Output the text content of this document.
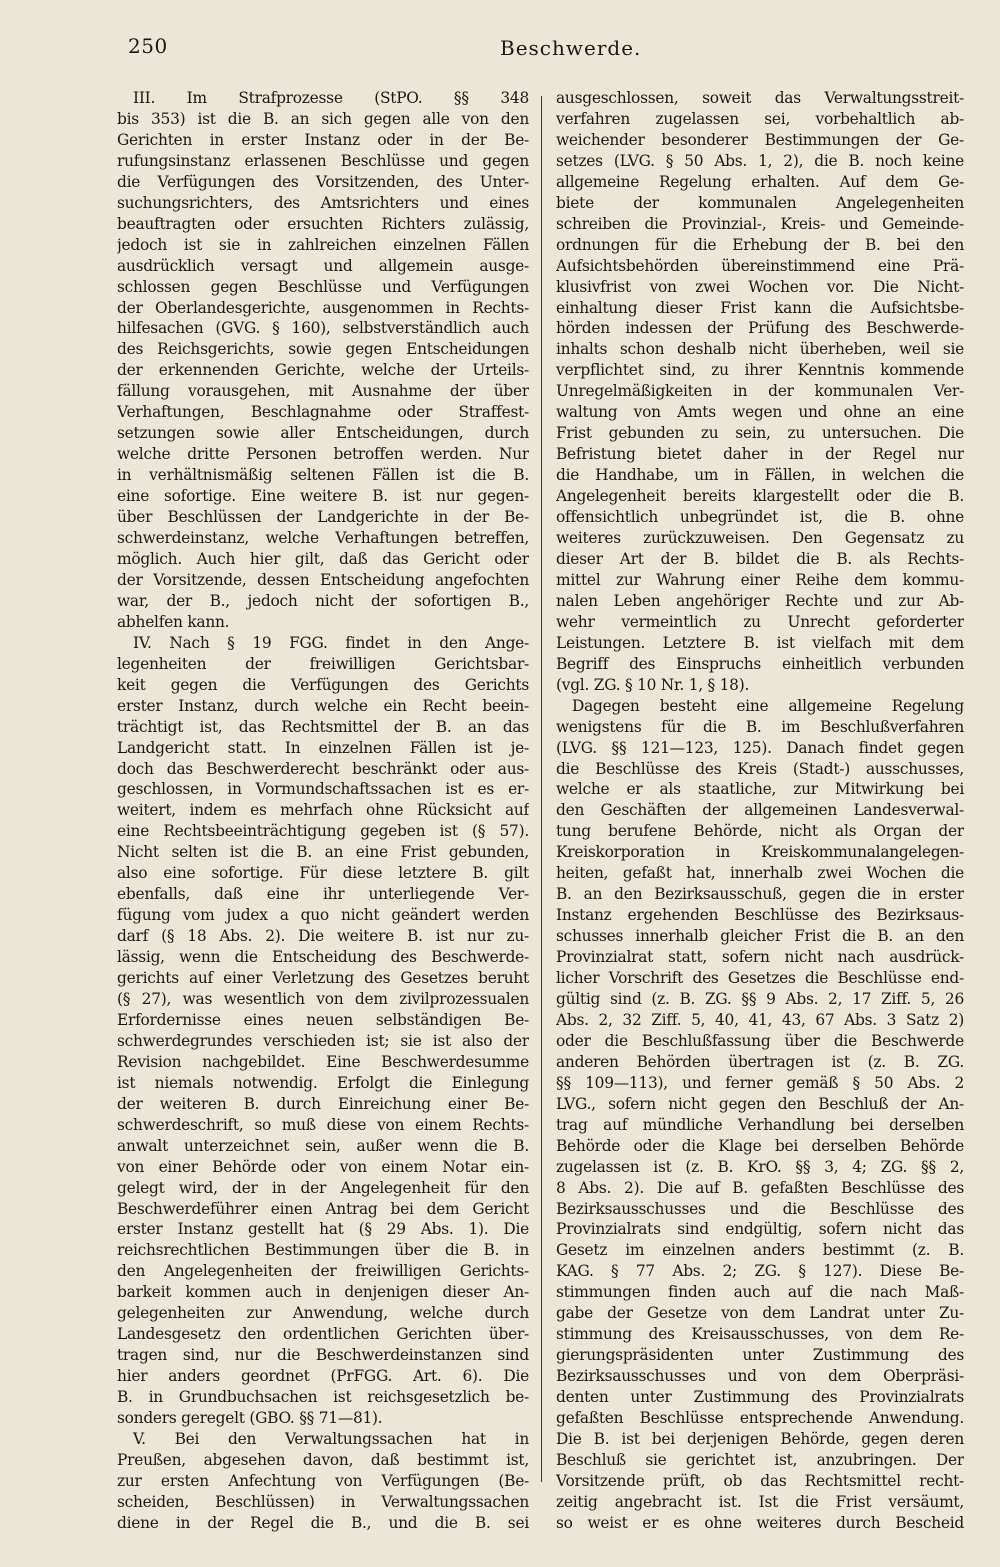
250	Beschwerde.
III. Im Strafprozesse (StPO. §§ 348
bis 353) ist die B. an sich gegen alle von den
Gerichten in erster Instanz oder in der Be-
rufungsinstanz erlassenen Beschlüsse und gegen
die Verfügungen des Vorsitzenden, des Unter-
suchungsrichters, des Amtsrichters und eines
beauftragten oder ersuchten Richters zulässig,
jedoch ist sie in zahlreichen einzelnen Fällen
ausdrücklich versagt und allgemein ausge-
schlossen gegen Beschlüsse und Verfügungen
der Oberlandesgerichte, ausgenommen in Rechts-
hilfesachen (GVG. § 160), selbstverständlich auch
des Reichsgerichts, sowie gegen Entscheidungen
der erkennenden Gerichte, welche der Urteils-
fällung vorausgehen, mit Ausnahme der über
Verhaftungen, Beschlagnahme oder Straffest-
setzungen sowie aller Entscheidungen, durch
welche dritte Personen betroffen werden. Nur
in verhältnismäßig seltenen Fällen ist die B.
eine sofortige. Eine weitere B. ist nur gegen-
über Beschlüssen der Landgerichte in der Be-
schwerdeinstanz, welche Verhaftungen betreffen,
möglich. Auch hier gilt, daß das Gericht oder
der Vorsitzende, dessen Entscheidung angefochten
war, der B., jedoch nicht der sofortigen B.,
abhelfen kann.
IV. Nach § 19 FGG. findet in den Ange-
legenheiten der freiwilligen Gerichtsbar-
keit gegen die Verfügungen des Gerichts
erster Instanz, durch welche ein Recht beein-
trächtigt ist, das Rechtsmittel der B. an das
Landgericht statt. In einzelnen Fällen ist je-
doch das Beschwerderecht beschränkt oder aus-
geschlossen, in Vormundschaftssachen ist es er-
weitert, indem es mehrfach ohne Rücksicht auf
eine Rechtsbeeinträchtigung gegeben ist (§ 57).
Nicht selten ist die B. an eine Frist gebunden,
also eine sofortige. Für diese letztere B. gilt
ebenfalls, daß eine ihr unterliegende Ver-
fügung vom judex a quo nicht geändert werden
darf (§ 18 Abs. 2). Die weitere B. ist nur zu-
lässig, wenn die Entscheidung des Beschwerde-
gerichts auf einer Verletzung des Gesetzes beruht
(§ 27), was wesentlich von dem zivilprozessualen
Erfordernisse eines neuen selbständigen Be-
schwerdegrundes verschieden ist; sie ist also der
Revision nachgebildet. Eine Beschwerdesumme
ist niemals notwendig. Erfolgt die Einlegung
der weiteren B. durch Einreichung einer Be-
schwerdeschrift, so muß diese von einem Rechts-
anwalt unterzeichnet sein, außer wenn die B.
von einer Behörde oder von einem Notar ein-
gelegt wird, der in der Angelegenheit für den
Beschwerdeführer einen Antrag bei dem Gericht
erster Instanz gestellt hat (§ 29 Abs. 1). Die
reichsrechtlichen Bestimmungen über die B. in
den Angelegenheiten der freiwilligen Gerichts-
barkeit kommen auch in denjenigen dieser An-
gelegenheiten zur Anwendung, welche durch
Landesgesetz den ordentlichen Gerichten über-
tragen sind, nur die Beschwerdeinstanzen sind
hier anders geordnet (PrFGG. Art. 6). Die
B. in Grundbuchsachen ist reichsgesetzlich be-
sonders geregelt (GBO. §§ 71—81).
V. Bei den Verwaltungssachen hat in
Preußen, abgesehen davon, daß bestimmt ist,
zur ersten Anfechtung von Verfügungen (Be-
scheiden, Beschlüssen) in Verwaltungssachen
diene in der Regel die B., und die B. sei
ausgeschlossen, soweit das Verwaltungsstreit-
verfahren zugelassen sei, vorbehaltlich ab-
weichender besonderer Bestimmungen der Ge-
setzes (LVG. § 50 Abs. 1, 2), die B. noch keine
allgemeine Regelung erhalten. Auf dem Ge-
biete der kommunalen Angelegenheiten
schreiben die Provinzial-, Kreis- und Gemeinde-
ordnungen für die Erhebung der B. bei den
Aufsichtsbehörden übereinstimmend eine Prä-
klusivfrist von zwei Wochen vor. Die Nicht-
einhaltung dieser Frist kann die Aufsichtsbe-
hörden indessen der Prüfung des Beschwerde-
inhalts schon deshalb nicht überheben, weil sie
verpflichtet sind, zu ihrer Kenntnis kommende
Unregelmäßigkeiten in der kommunalen Ver-
waltung von Amts wegen und ohne an eine
Frist gebunden zu sein, zu untersuchen. Die
Befristung bietet daher in der Regel nur
die Handhabe, um in Fällen, in welchen die
Angelegenheit bereits klargestellt oder die B.
offensichtlich unbegründet ist, die B. ohne
weiteres zurückzuweisen. Den Gegensatz zu
dieser Art der B. bildet die B. als Rechts-
mittel zur Wahrung einer Reihe dem kommu-
nalen Leben angehöriger Rechte und zur Ab-
wehr vermeintlich zu Unrecht geforderter
Leistungen. Letztere B. ist vielfach mit dem
Begriff des Einspruchs einheitlich verbunden
(vgl. ZG. § 10 Nr. 1, § 18).
Dagegen besteht eine allgemeine Regelung
wenigstens für die B. im Beschlußverfahren
(LVG. §§ 121—123, 125). Danach findet gegen
die Beschlüsse des Kreis (Stadt-) ausschusses,
welche er als staatliche, zur Mitwirkung bei
den Geschäften der allgemeinen Landesverwal-
tung berufene Behörde, nicht als Organ der
Kreiskorporation in Kreiskommunalangelegen-
heiten, gefaßt hat, innerhalb zwei Wochen die
B. an den Bezirksausschuß, gegen die in erster
Instanz ergehenden Beschlüsse des Bezirksaus-
schusses innerhalb gleicher Frist die B. an den
Provinzialrat statt, sofern nicht nach ausdrück-
licher Vorschrift des Gesetzes die Beschlüsse end-
gültig sind (z. B. ZG. §§ 9 Abs. 2, 17 Ziff. 5, 26
Abs. 2, 32 Ziff. 5, 40, 41, 43, 67 Abs. 3 Satz 2)
oder die Beschlußfassung über die Beschwerde
anderen Behörden übertragen ist (z. B. ZG.
§§ 109—113), und ferner gemäß § 50 Abs. 2
LVG., sofern nicht gegen den Beschluß der An-
trag auf mündliche Verhandlung bei derselben
Behörde oder die Klage bei derselben Behörde
zugelassen ist (z. B. KrO. §§ 3, 4; ZG. §§ 2,
8 Abs. 2). Die auf B. gefaßten Beschlüsse des
Bezirksausschusses und die Beschlüsse des
Provinzialrats sind endgültig, sofern nicht das
Gesetz im einzelnen anders bestimmt (z. B.
KAG. § 77 Abs. 2; ZG. § 127). Diese Be-
stimmungen finden auch auf die nach Maß-
gabe der Gesetze von dem Landrat unter Zu-
stimmung des Kreisausschusses, von dem Re-
gierungspräsidenten unter Zustimmung des
Bezirksausschusses und von dem Oberpräsi-
denten unter Zustimmung des Provinzialrats
gefaßten Beschlüsse entsprechende Anwendung.
Die B. ist bei derjenigen Behörde, gegen deren
Beschluß sie gerichtet ist, anzubringen. Der
Vorsitzende prüft, ob das Rechtsmittel recht-
zeitig angebracht ist. Ist die Frist versäumt,
so weist er es ohne weiteres durch Bescheid
